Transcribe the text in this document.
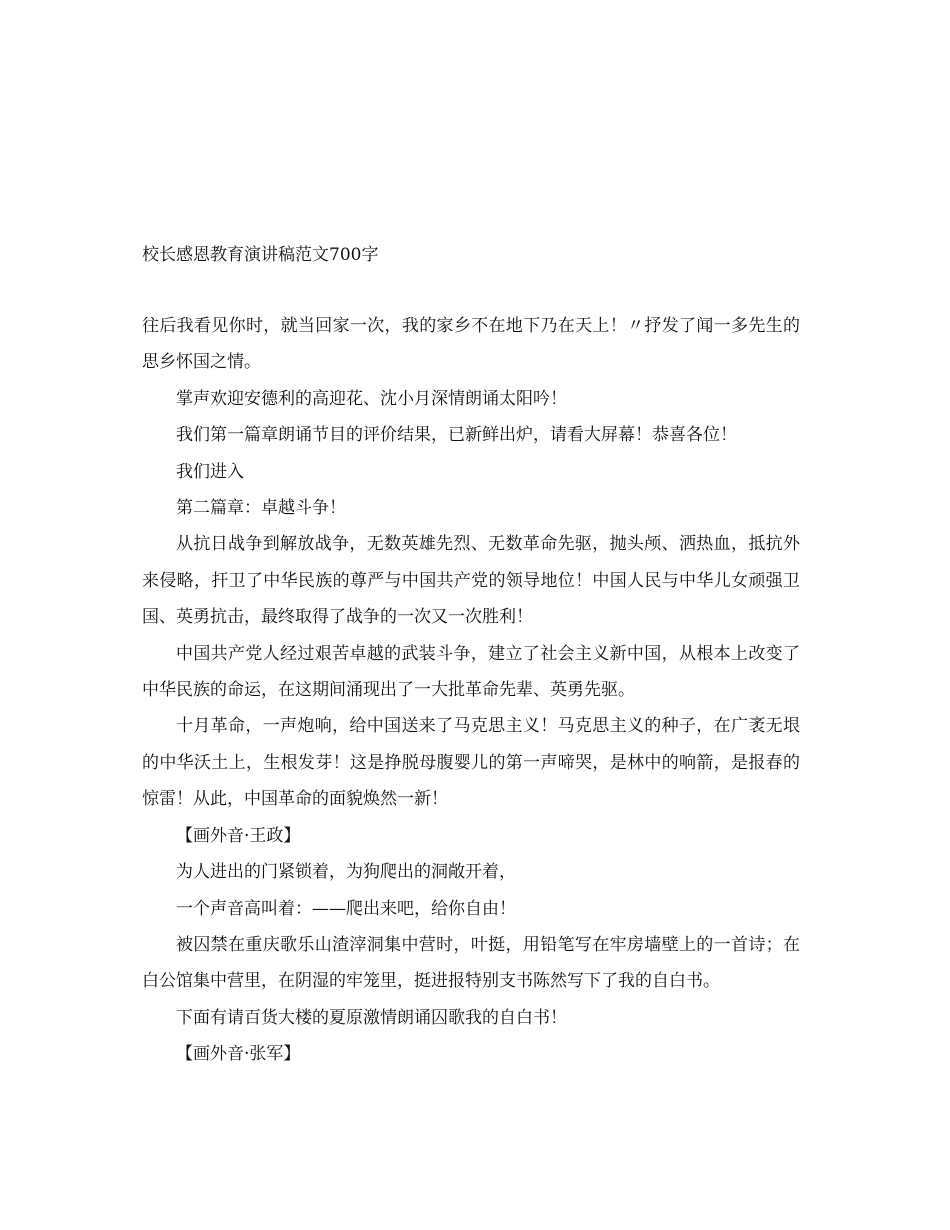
校长感恩教育演讲稿范文700字

往后我看见你时，就当回家一次，我的家乡不在地下乃在天上！〃抒发了闻一多先生的思乡怀国之情。

掌声欢迎安德利的高迎花、沈小月深情朗诵太阳吟！

我们第一篇章朗诵节目的评价结果，已新鲜出炉，请看大屏幕！恭喜各位！

我们进入

第二篇章：卓越斗争！

从抗日战争到解放战争，无数英雄先烈、无数革命先驱，抛头颅、洒热血，抵抗外来侵略，扞卫了中华民族的尊严与中国共产党的领导地位！中国人民与中华儿女顽强卫国、英勇抗击，最终取得了战争的一次又一次胜利！

中国共产党人经过艰苦卓越的武装斗争，建立了社会主义新中国，从根本上改变了中华民族的命运，在这期间涌现出了一大批革命先辈、英勇先驱。

十月革命，一声炮响，给中国送来了马克思主义！马克思主义的种子，在广袤无垠的中华沃土上，生根发芽！这是挣脱母腹婴儿的第一声啼哭，是林中的响箭，是报春的惊雷！从此，中国革命的面貌焕然一新！

【画外音·王政】

为人进出的门紧锁着，为狗爬出的洞敞开着，

一个声音高叫着：——爬出来吧，给你自由！

被囚禁在重庆歌乐山渣滓洞集中营时，叶挺，用铅笔写在牢房墙壁上的一首诗；在白公馆集中营里，在阴湿的牢笼里，挺进报特别支书陈然写下了我的自白书。

下面有请百货大楼的夏原激情朗诵囚歌我的自白书！

【画外音·张军】
